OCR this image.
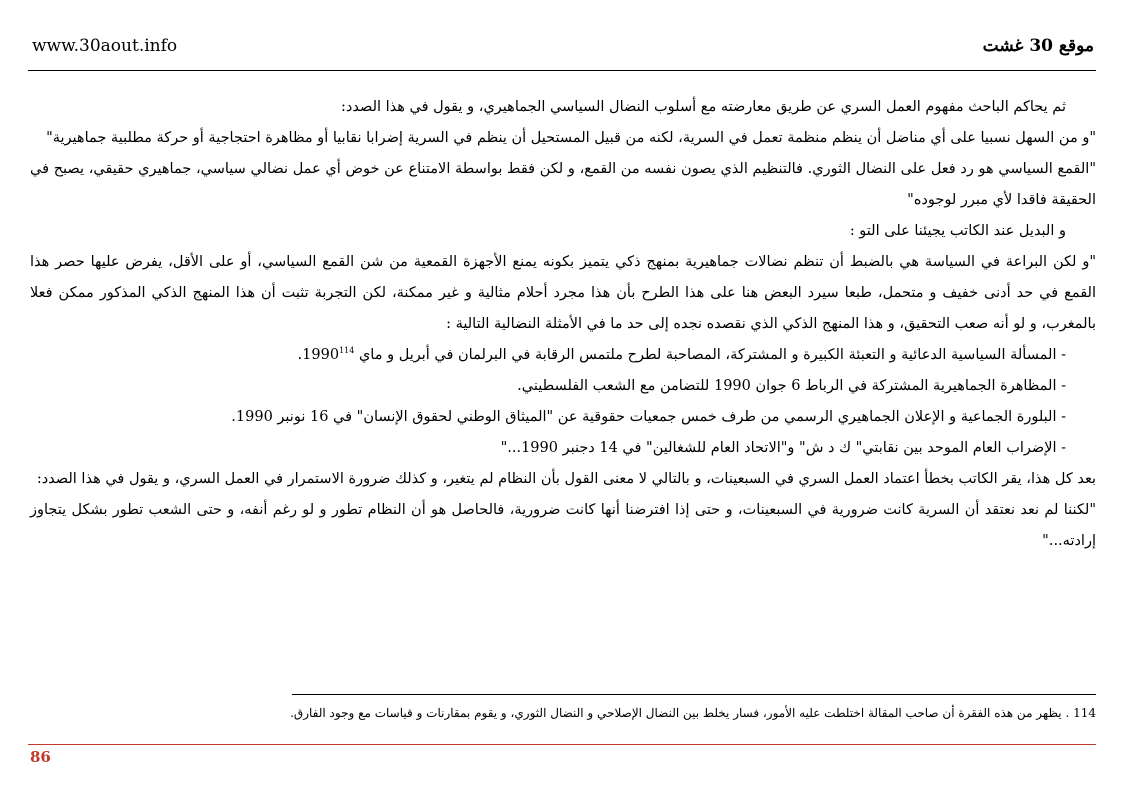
www.30aout.info	موقع 30 غشت

ثم يحاكم الباحث مفهوم العمل السري عن طريق معارضته مع أسلوب النضال السياسي الجماهيري، و يقول في هذا الصدد:

"و من السهل نسبيا على أي مناضل أن ينظم منظمة تعمل في السرية، لكنه من قبيل المستحيل أن ينظم في السرية إضرابا نقابيا أو مظاهرة احتجاجية أو حركة مطلبية جماهيرية"

"القمع السياسي هو رد فعل على النضال الثوري. فالتنظيم الذي يصون نفسه من القمع، و لكن فقط بواسطة الامتناع عن خوض أي عمل نضالي سياسي، جماهيري حقيقي، يصبح في الحقيقة فاقدا لأي مبرر لوجوده"

و البديل عند الكاتب يجيئنا على التو :

"و لكن البراعة في السياسة هي بالضبط أن تنظم نضالات جماهيرية بمنهج ذكي يتميز بكونه يمنع الأجهزة القمعية من شن القمع السياسي، أو على الأقل، يفرض عليها حصر هذا القمع في حد أدنى خفيف و متحمل، طبعا سيرد البعض هنا على هذا الطرح بأن هذا مجرد أحلام مثالية و غير ممكنة، لكن التجربة تثبت أن هذا المنهج الذكي المذكور ممكن فعلا بالمغرب، و لو أنه صعب التحقيق، و هذا المنهج الذكي الذي نقصده نجده إلى حد ما في الأمثلة النضالية التالية :

- المسألة السياسية الدعائية و التعبئة الكبيرة و المشتركة، المصاحبة لطرح ملتمس الرقابة في البرلمان في أبريل و ماي 1990$^{114}$.

- المظاهرة الجماهيرية المشتركة في الرباط 6 جوان 1990 للتضامن مع الشعب الفلسطيني.

- البلورة الجماعية و الإعلان الجماهيري الرسمي من طرف خمس جمعيات حقوقية عن "الميثاق الوطني لحقوق الإنسان" في 16 نونبر 1990.

- الإضراب العام الموحد بين نقابتي" ك د ش" و"الاتحاد العام للشغالين" في 14 دجنبر 1990..."

بعد كل هذا، يقر الكاتب بخطأ اعتماد العمل السري في السبعينات، و بالتالي لا معنى القول بأن النظام لم يتغير، و كذلك ضرورة الاستمرار في العمل السري، و يقول في هذا الصدد:

"لكننا لم نعد نعتقد أن السرية كانت ضرورية في السبعينات، و حتى إذا افترضنا أنها كانت ضرورية، فالحاصل هو أن النظام تطور و لو رغم أنفه، و حتى الشعب تطور بشكل يتجاوز إرادته..."

114 . يظهر من هذه الفقرة أن صاحب المقالة اختلطت عليه الأمور، فسار يخلط بين النضال الإصلاحي و النضال الثوري، و يقوم بمقارنات و قياسات مع وجود الفارق.
86
